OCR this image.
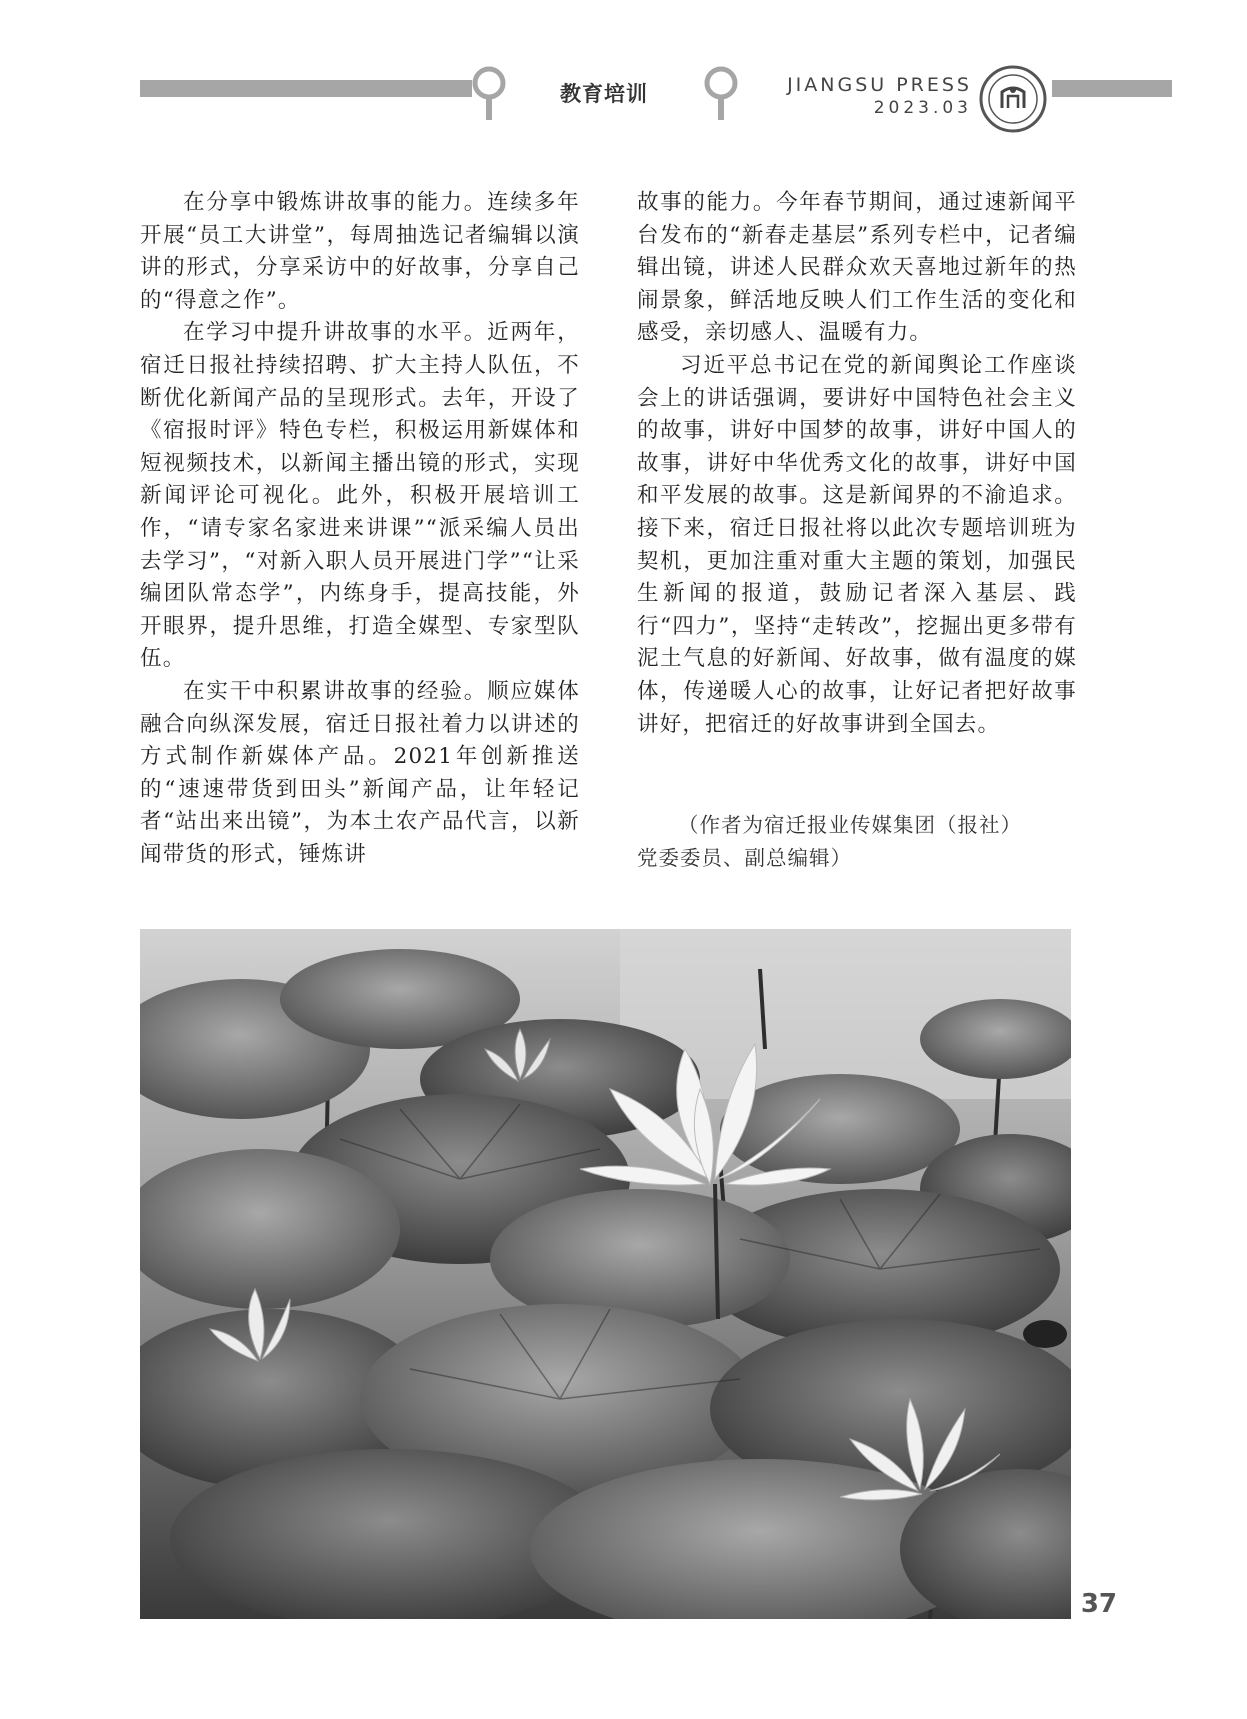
教育培训	JIANGSU PRESS
2023.03

在分享中锻炼讲故事的能力。连续多年开展“员工大讲堂”，每周抽选记者编辑以演讲的形式，分享采访中的好故事，分享自己的“得意之作”。

在学习中提升讲故事的水平。近两年，宿迁日报社持续招聘、扩大主持人队伍，不断优化新闻产品的呈现形式。去年，开设了《宿报时评》特色专栏，积极运用新媒体和短视频技术，以新闻主播出镜的形式，实现新闻评论可视化。此外，积极开展培训工作，“请专家名家进来讲课”“派采编人员出去学习”，“对新入职人员开展进门学”“让采编团队常态学”，内练身手，提高技能，外开眼界，提升思维，打造全媒型、专家型队伍。

在实干中积累讲故事的经验。顺应媒体融合向纵深发展，宿迁日报社着力以讲述的方式制作新媒体产品。2021年创新推送的“速速带货到田头”新闻产品，让年轻记者“站出来出镜”，为本土农产品代言，以新闻带货的形式，锤炼讲

故事的能力。今年春节期间，通过速新闻平台发布的“新春走基层”系列专栏中，记者编辑出镜，讲述人民群众欢天喜地过新年的热闹景象，鲜活地反映人们工作生活的变化和感受，亲切感人、温暖有力。

习近平总书记在党的新闻舆论工作座谈会上的讲话强调，要讲好中国特色社会主义的故事，讲好中国梦的故事，讲好中国人的故事，讲好中华优秀文化的故事，讲好中国和平发展的故事。这是新闻界的不渝追求。接下来，宿迁日报社将以此次专题培训班为契机，更加注重对重大主题的策划，加强民生新闻的报道，鼓励记者深入基层、践行“四力”，坚持“走转改”，挖掘出更多带有泥土气息的好新闻、好故事，做有温度的媒体，传递暖人心的故事，让好记者把好故事讲好，把宿迁的好故事讲到全国去。

（作者为宿迁报业传媒集团（报社）
党委委员、副总编辑）
37
